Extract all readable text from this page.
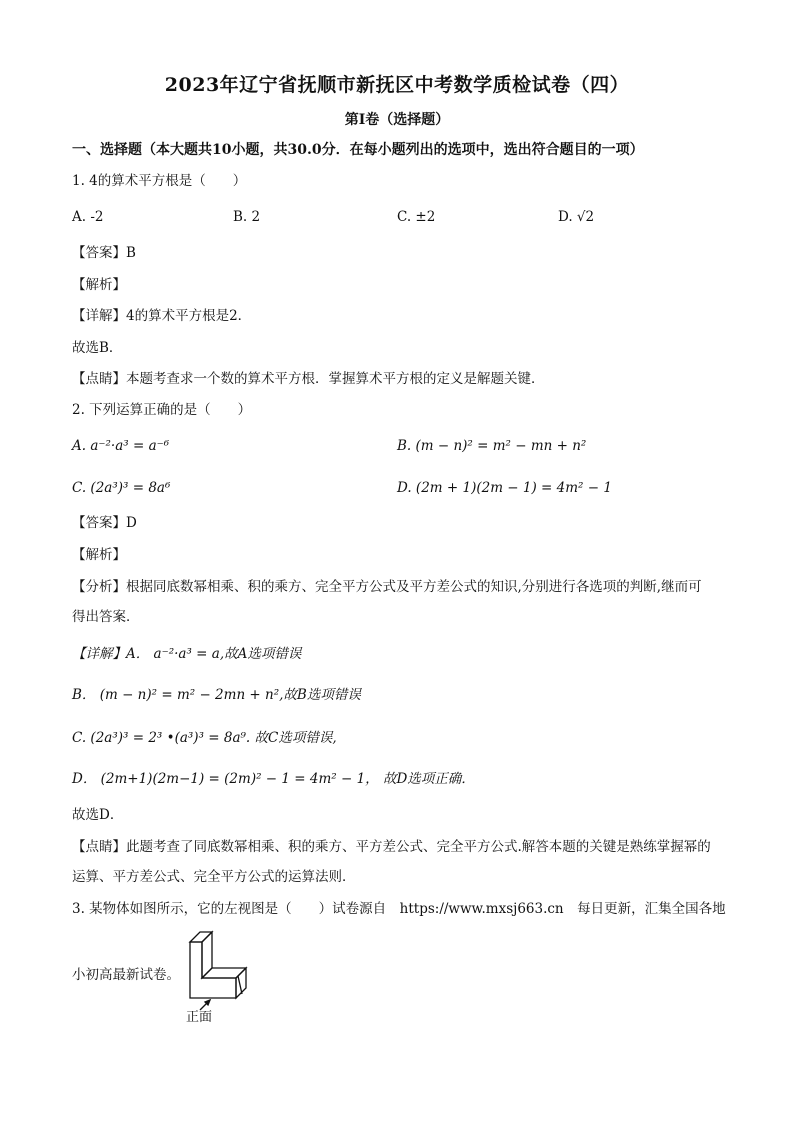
2023年辽宁省抚顺市新抚区中考数学质检试卷（四）
第I卷（选择题）
一、选择题（本大题共10小题，共30.0分．在每小题列出的选项中，选出符合题目的一项）
1. 4的算术平方根是（　　）
A. -2	B. 2	C. ±2	D. √2
【答案】B
【解析】
【详解】4的算术平方根是2．
故选B．
【点睛】本题考查求一个数的算术平方根．掌握算术平方根的定义是解题关键．
2. 下列运算正确的是（　　）
A. a⁻²·a³ = a⁻⁶	B. (m − n)² = m² − mn + n²
C. (2a³)³ = 8a⁶	D. (2m + 1)(2m − 1) = 4m² − 1
【答案】D
【解析】
【分析】根据同底数幂相乘、积的乘方、完全平方公式及平方差公式的知识,分别进行各选项的判断,继而可
得出答案．
【详解】A． a⁻²·a³ = a,故A选项错误
B． (m − n)² = m² − 2mn + n²,故B选项错误
C. (2a³)³ = 2³ •(a³)³ = 8a⁹. 故C选项错误,
D． (2m+1)(2m−1) = (2m)² − 1 = 4m² − 1， 故D选项正确．
故选D．
【点睛】此题考查了同底数幂相乘、积的乘方、平方差公式、完全平方公式.解答本题的关键是熟练掌握幂的
运算、平方差公式、完全平方公式的运算法则．
3. 某物体如图所示，它的左视图是（　　）试卷源自　https://www.mxsj663.cn　每日更新，汇集全国各地
小初高最新试卷。
正面
